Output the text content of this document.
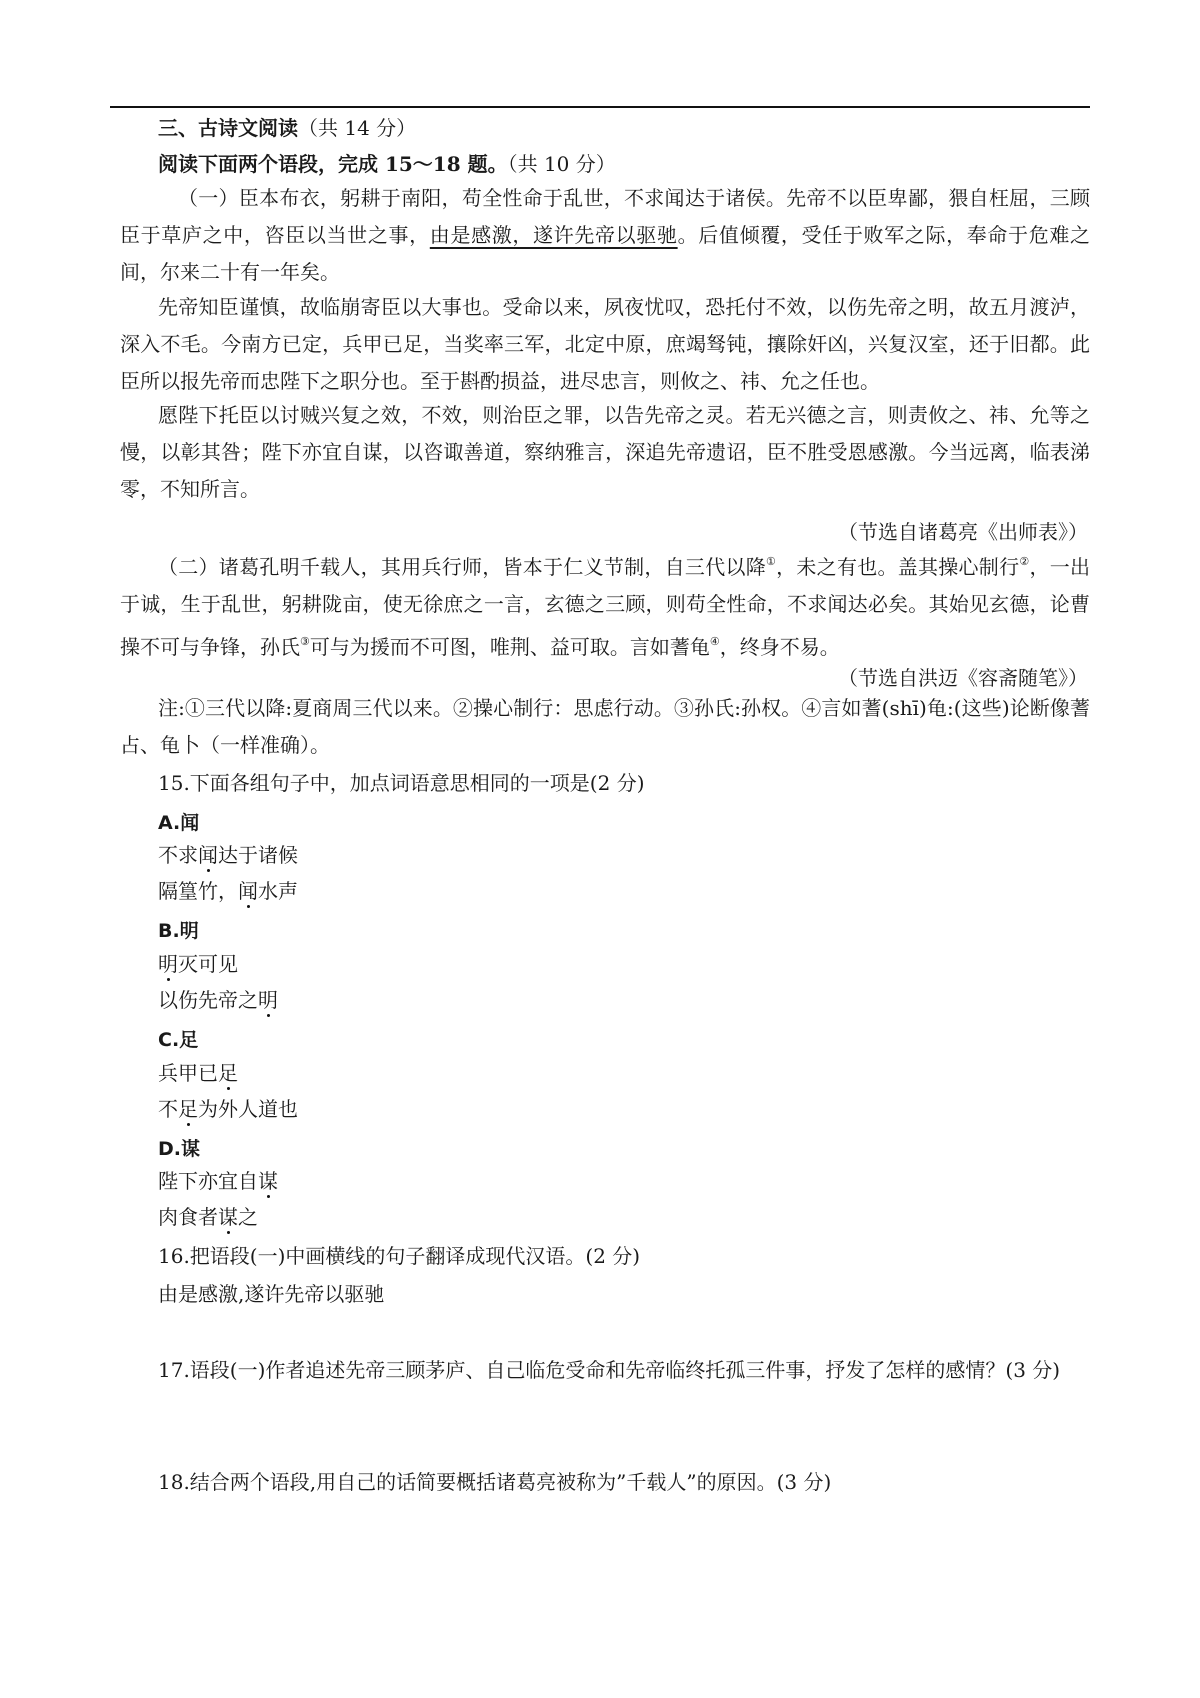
三、古诗文阅读（共 14 分）
阅读下面两个语段，完成 15～18 题。（共 10 分）
（一）臣本布衣，躬耕于南阳，苟全性命于乱世，不求闻达于诸侯。先帝不以臣卑鄙，猥自枉屈，三顾臣于草庐之中，咨臣以当世之事，由是感激，遂许先帝以驱驰。后值倾覆，受任于败军之际，奉命于危难之间，尔来二十有一年矣。
先帝知臣谨慎，故临崩寄臣以大事也。受命以来，夙夜忧叹，恐托付不效，以伤先帝之明，故五月渡泸，深入不毛。今南方已定，兵甲已足，当奖率三军，北定中原，庶竭驽钝，攘除奸凶，兴复汉室，还于旧都。此臣所以报先帝而忠陛下之职分也。至于斟酌损益，进尽忠言，则攸之、祎、允之任也。
愿陛下托臣以讨贼兴复之效，不效，则治臣之罪，以告先帝之灵。若无兴德之言，则责攸之、祎、允等之慢，以彰其咎；陛下亦宜自谋，以咨诹善道，察纳雅言，深追先帝遗诏，臣不胜受恩感激。今当远离，临表涕零，不知所言。
（节选自诸葛亮《出师表》）
（二）诸葛孔明千载人，其用兵行师，皆本于仁义节制，自三代以降①，未之有也。盖其操心制行②，一出于诚，生于乱世，躬耕陇亩，使无徐庶之一言，玄德之三顾，则苟全性命，不求闻达必矣。其始见玄德，论曹操不可与争锋，孙氏③可与为援而不可图，唯荆、益可取。言如蓍龟④，终身不易。
（节选自洪迈《容斋随笔》）
注:①三代以降:夏商周三代以来。②操心制行：思虑行动。③孙氏:孙权。④言如蓍(shī)龟:(这些)论断像蓍占、龟卜（一样准确）。
15.下面各组句子中，加点词语意思相同的一项是(2 分)
A.闻
不求闻达于诸候
隔篁竹，闻水声
B.明
明灭可见
以伤先帝之明
C.足
兵甲已足
不足为外人道也
D.谋
陛下亦宜自谋
肉食者谋之
16.把语段(一)中画横线的句子翻译成现代汉语。(2 分)
由是感激,遂许先帝以驱驰
17.语段(一)作者追述先帝三顾茅庐、自己临危受命和先帝临终托孤三件事，抒发了怎样的感情？(3 分)
18.结合两个语段,用自己的话简要概括诸葛亮被称为”千载人”的原因。(3 分)
